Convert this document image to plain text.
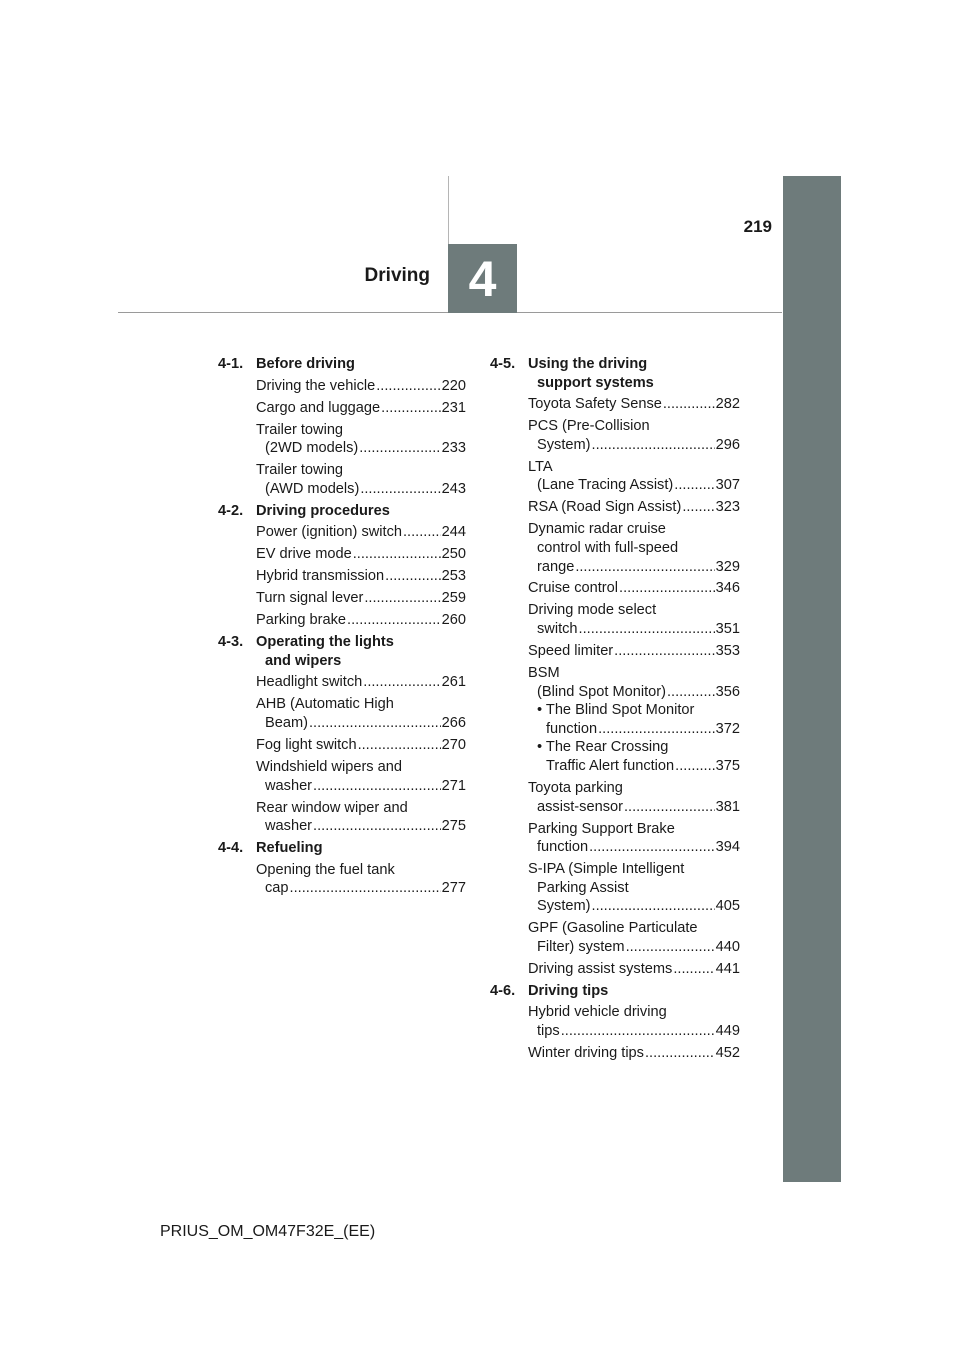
4
Driving
219
4-1. Before driving
Driving the vehicle .....	220
Cargo and luggage .....	231
Trailer towing
(2WD models) .....	233
Trailer towing
(AWD models) .....	243
4-2. Driving procedures
Power (ignition) switch .....	244
EV drive mode .....	250
Hybrid transmission .....	253
Turn signal lever .....	259
Parking brake .....	260
4-3. Operating the lights
and wipers
Headlight switch .....	261
AHB (Automatic High
Beam) .....	266
Fog light switch .....	270
Windshield wipers and
washer .....	271
Rear window wiper and
washer .....	275
4-4. Refueling
Opening the fuel tank
cap .....	277
4-5. Using the driving
support systems
Toyota Safety Sense .....	282
PCS (Pre-Collision
System) .....	296
LTA
(Lane Tracing Assist) .....	307
RSA (Road Sign Assist) ..... 323
Dynamic radar cruise
control with full-speed
range .....	329
Cruise control .....	346
Driving mode select
switch .....	351
Speed limiter .....	353
BSM
(Blind Spot Monitor) .....	356
• The Blind Spot Monitor
function .....	372
• The Rear Crossing
Traffic Alert function .....	375
Toyota parking
assist-sensor .....	381
Parking Support Brake
function .....	394
S-IPA (Simple Intelligent
Parking Assist
System) .....	405
GPF (Gasoline Particulate
Filter) system .....	440
Driving assist systems .....	441
4-6. Driving tips
Hybrid vehicle driving
tips .....	449
Winter driving tips .....	452
PRIUS_OM_OM47F32E_(EE)
